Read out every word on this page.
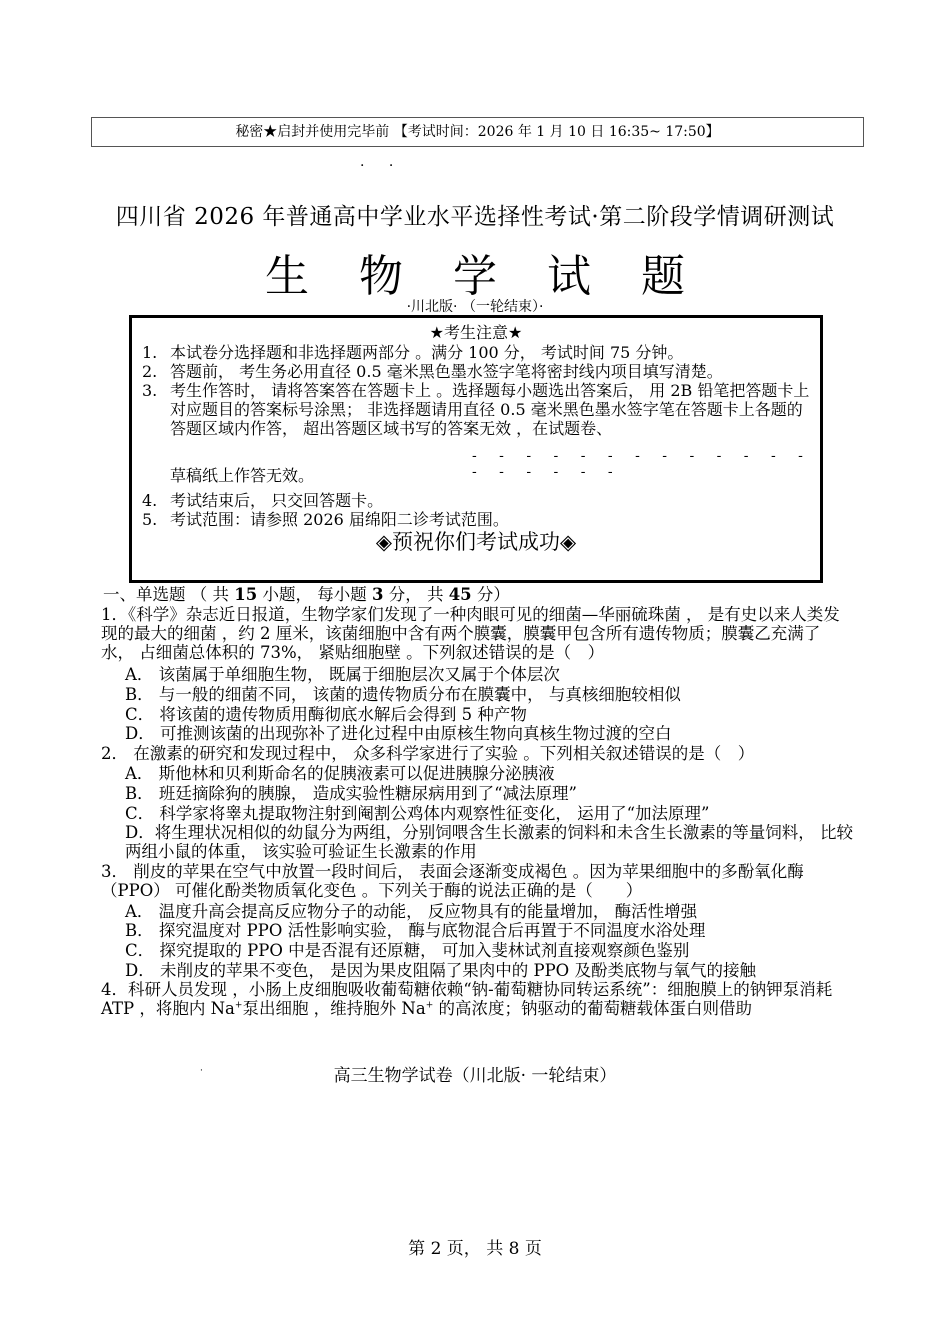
秘密★启封并使用完毕前 【考试时间：2026 年 1 月 10 日 16:35~ 17:50】
· ·
四川省 2026 年普通高中学业水平选择性考试·第二阶段学情调研测试
生 物 学 试 题
·川北版· （一轮结束）·
★考生注意★
1. 本试卷分选择题和非选择题两部分 。满分 100 分， 考试时间 75 分钟。
2. 答题前， 考生务必用直径 0.5 毫米黑色墨水签字笔将密封线内项目填写清楚。
3. 考生作答时， 请将答案答在答题卡上 。选择题每小题选出答案后， 用 2B 铅笔把答题卡上对应题目的答案标号涂黑； 非选择题请用直径 0.5 毫米黑色墨水签字笔在答题卡上各题的答题区域内作答， 超出答题区域书写的答案无效 ，在试题卷、
- - - - - - - - - - - - - - - - - - -
草稿纸上作答无效。
4. 考试结束后， 只交回答题卡。
5. 考试范围：请参照 2026 届绵阳二诊考试范围。
◈预祝你们考试成功◈
一、单选题 （ 共 15 小题， 每小题 3 分， 共 45 分）
1．《科学》杂志近日报道，生物学家们发现了一种肉眼可见的细菌—华丽硫珠菌 ， 是有史以来人类发现的最大的细菌 ，约 2 厘米，该菌细胞中含有两个膜囊，膜囊甲包含所有遗传物质；膜囊乙充满了水， 占细菌总体积的 73%， 紧贴细胞壁 。下列叙述错误的是（　）
A． 该菌属于单细胞生物， 既属于细胞层次又属于个体层次
B． 与一般的细菌不同， 该菌的遗传物质分布在膜囊中， 与真核细胞较相似
C． 将该菌的遗传物质用酶彻底水解后会得到 5 种产物
D． 可推测该菌的出现弥补了进化过程中由原核生物向真核生物过渡的空白
2． 在激素的研究和发现过程中， 众多科学家进行了实验 。下列相关叙述错误的是（　）
A． 斯他林和贝利斯命名的促胰液素可以促进胰腺分泌胰液
B． 班廷摘除狗的胰腺， 造成实验性糖尿病用到了“减法原理”
C． 科学家将睾丸提取物注射到阉割公鸡体内观察性征变化， 运用了“加法原理”
D．将生理状况相似的幼鼠分为两组，分别饲喂含生长激素的饲料和未含生长激素的等量饲料， 比较两组小鼠的体重， 该实验可验证生长激素的作用
3． 削皮的苹果在空气中放置一段时间后， 表面会逐渐变成褐色 。因为苹果细胞中的多酚氧化酶（PPO） 可催化酚类物质氧化变色 。下列关于酶的说法正确的是（　　）
A． 温度升高会提高反应物分子的动能， 反应物具有的能量增加， 酶活性增强
B． 探究温度对 PPO 活性影响实验， 酶与底物混合后再置于不同温度水浴处理
C． 探究提取的 PPO 中是否混有还原糖， 可加入斐林试剂直接观察颜色鉴别
D． 未削皮的苹果不变色， 是因为果皮阻隔了果肉中的 PPO 及酚类底物与氧气的接触
4．科研人员发现 ，小肠上皮细胞吸收葡萄糖依赖“钠-葡萄糖协同转运系统”：细胞膜上的钠钾泵消耗 ATP ，将胞内 Na+泵出细胞 ，维持胞外 Na+ 的高浓度；钠驱动的葡萄糖载体蛋白则借助
·	高三生物学试卷（川北版· 一轮结束）
第 2 页， 共 8 页
